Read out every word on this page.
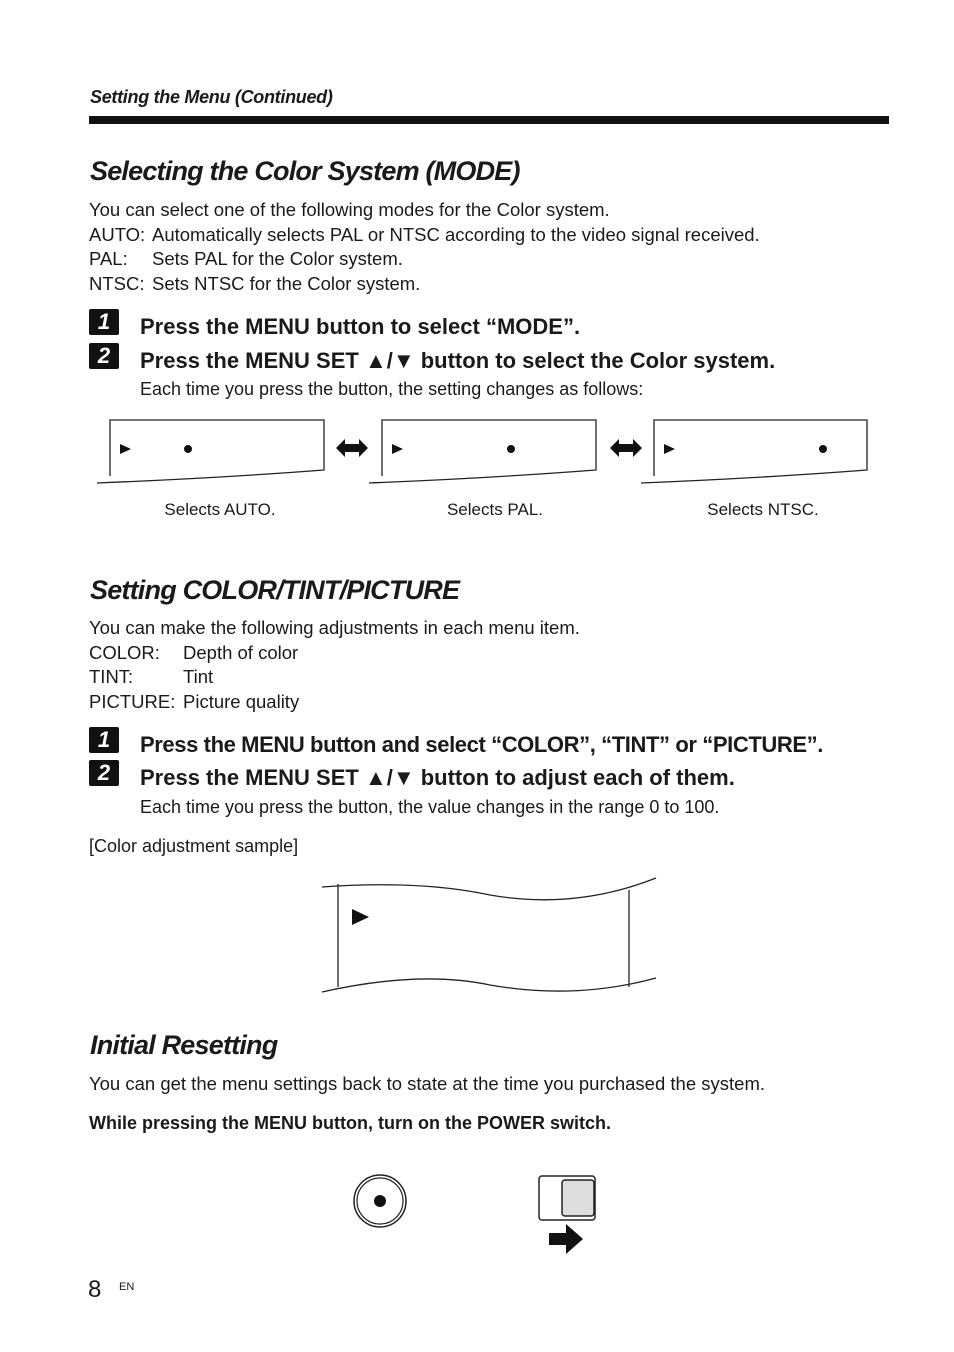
Setting the Menu (Continued)
Selecting the Color System (MODE)
You can select one of the following modes for the Color system.
AUTO: Automatically selects PAL or NTSC according to the video signal received.
PAL:	Sets PAL for the Color system.
NTSC: Sets NTSC for the Color system.
1	Press the MENU button to select “MODE”.
2	Press the MENU SET ▲/▼ button to select the Color system.
Each time you press the button, the setting changes as follows:
Selects AUTO.	Selects PAL.	Selects NTSC.
Setting COLOR/TINT/PICTURE
You can make the following adjustments in each menu item.
COLOR:	Depth of color
TINT:	Tint
PICTURE: Picture quality
1	Press the MENU button and select “COLOR”, “TINT” or “PICTURE”.
2	Press the MENU SET ▲/▼ button to adjust each of them.
Each time you press the button, the value changes in the range 0 to 100.
[Color adjustment sample]
Initial Resetting
You can get the menu settings back to state at the time you purchased the system.
While pressing the MENU button, turn on the POWER switch.
8 EN
